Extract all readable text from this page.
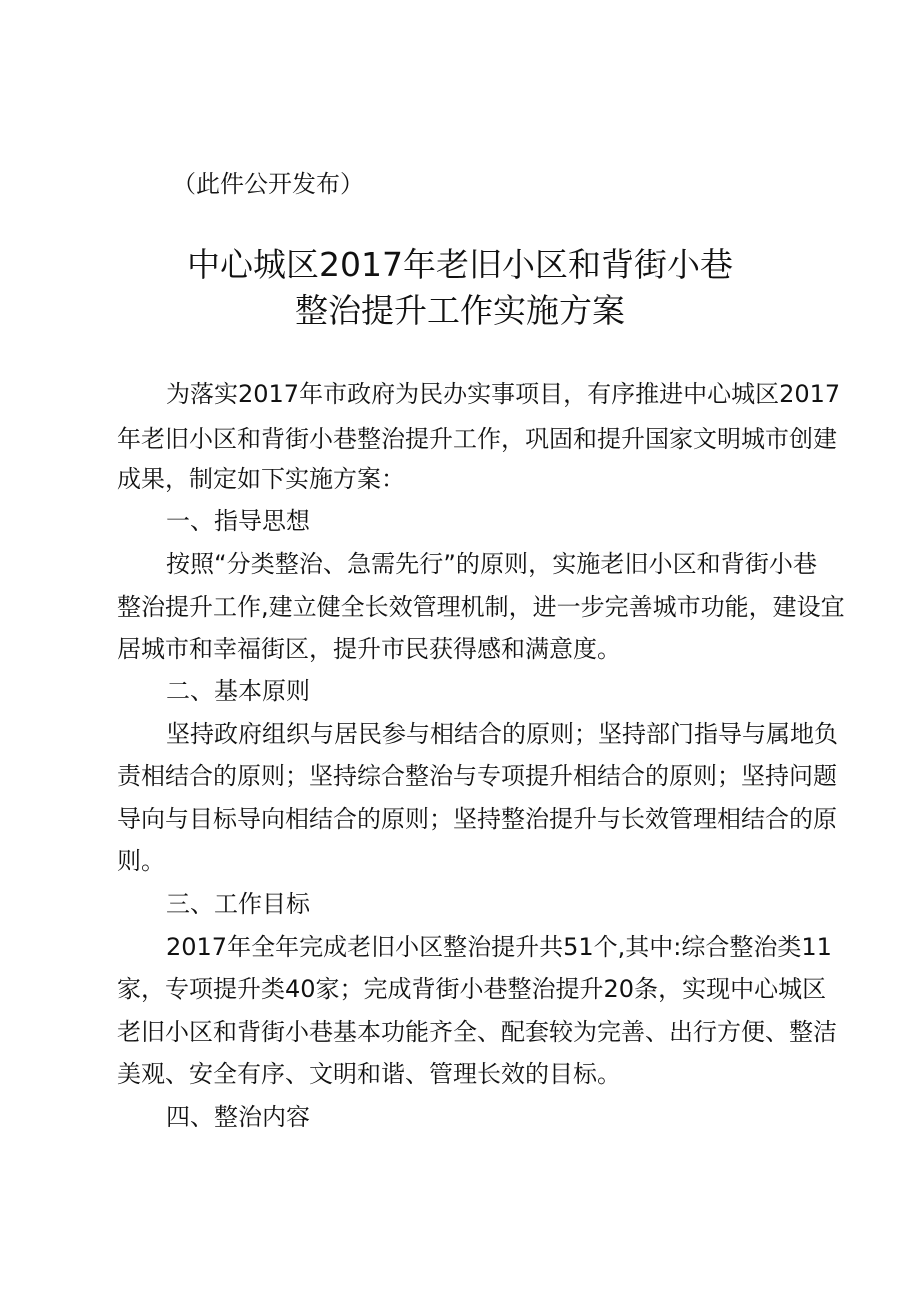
（此件公开发布）
中心城区2017年老旧小区和背街小巷
整治提升工作实施方案
为落实2017年市政府为民办实事项目，有序推进中心城区2017
年老旧小区和背街小巷整治提升工作，巩固和提升国家文明城市创建
成果，制定如下实施方案：
一、指导思想
按照“分类整治、急需先行”的原则，实施老旧小区和背街小巷
整治提升工作,建立健全长效管理机制，进一步完善城市功能，建设宜
居城市和幸福街区，提升市民获得感和满意度。
二、基本原则
坚持政府组织与居民参与相结合的原则；坚持部门指导与属地负
责相结合的原则；坚持综合整治与专项提升相结合的原则；坚持问题
导向与目标导向相结合的原则；坚持整治提升与长效管理相结合的原
则。
三、工作目标
2017年全年完成老旧小区整治提升共51个,其中:综合整治类11
家，专项提升类40家；完成背街小巷整治提升20条，实现中心城区
老旧小区和背街小巷基本功能齐全、配套较为完善、出行方便、整洁
美观、安全有序、文明和谐、管理长效的目标。
四、整治内容
